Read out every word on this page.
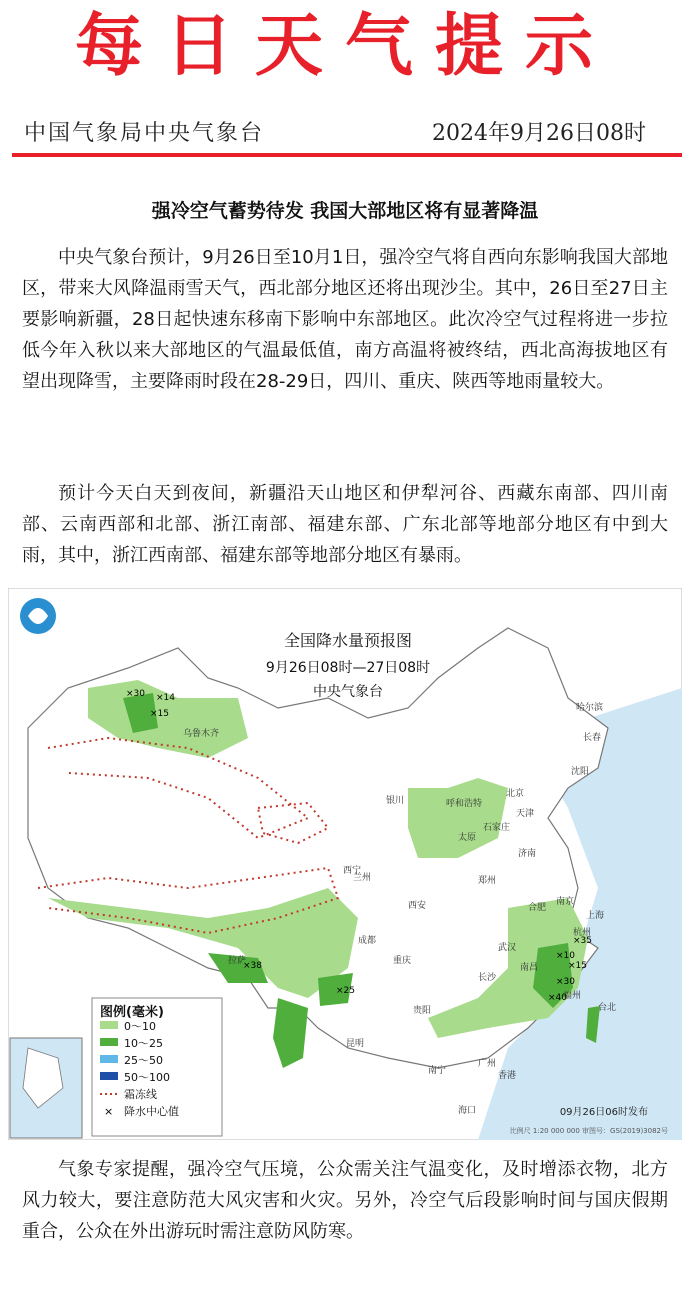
每日天气提示
中国气象局中央气象台	2024年9月26日08时
强冷空气蓄势待发 我国大部地区将有显著降温
中央气象台预计，9月26日至10月1日，强冷空气将自西向东影响我国大部地区，带来大风降温雨雪天气，西北部分地区还将出现沙尘。其中，26日至27日主要影响新疆，28日起快速东移南下影响中东部地区。此次冷空气过程将进一步拉低今年入秋以来大部地区的气温最低值，南方高温将被终结，西北高海拔地区有望出现降雪，主要降雨时段在28-29日，四川、重庆、陕西等地雨量较大。
预计今天白天到夜间，新疆沿天山地区和伊犁河谷、西藏东南部、四川南部、云南西部和北部、浙江南部、福建东部、广东北部等地部分地区有中到大雨，其中，浙江西南部、福建东部等地部分地区有暴雨。
全国降水量预报图
9月26日08时—27日08时
中央气象台
哈尔滨
长春
沈阳
呼和浩特
北京
天津
石家庄
太原
济南
银川
西宁
兰州
西安
郑州
合肥
南京
上海
杭州
武汉
成都
重庆
长沙
南昌
贵阳
拉萨
昆明
南宁
广州
香港
台北
福州
海口
乌鲁木齐
×30 ×14
×15
×25
×10
×15
×35
×40
×30
×38
图例(毫米)
0～10
10～25
25～50
50～100
霜冻线
× 降水中心值	09月26日06时发布
比例尺 1:20 000 000 审图号：GS(2019)3082号
气象专家提醒，强冷空气压境，公众需关注气温变化，及时增添衣物，北方风力较大，要注意防范大风灾害和火灾。另外，冷空气后段影响时间与国庆假期重合，公众在外出游玩时需注意防风防寒。
